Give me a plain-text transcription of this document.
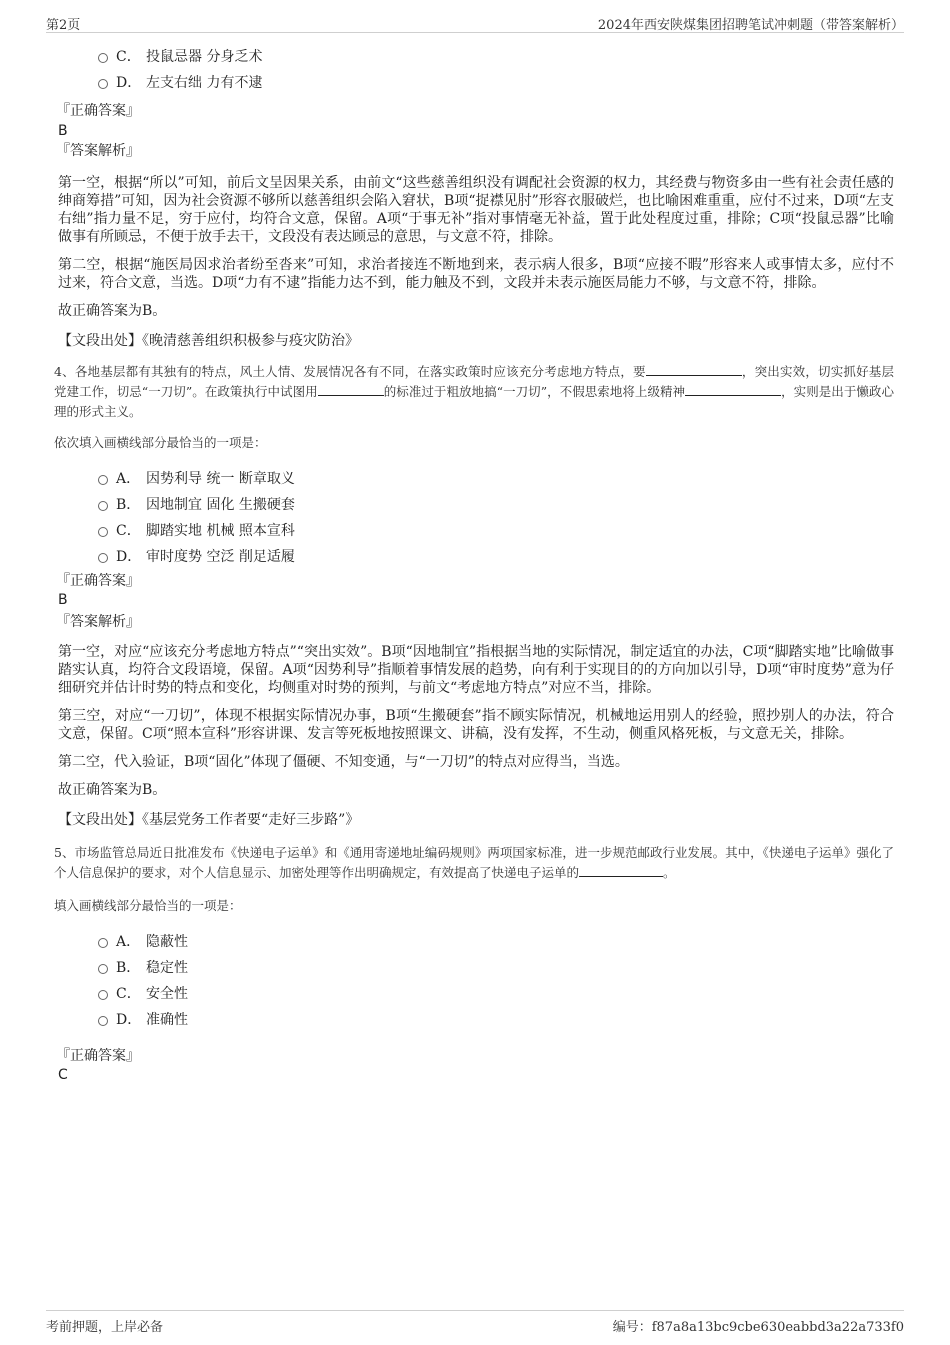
第2页	2024年西安陕煤集团招聘笔试冲刺题（带答案解析）
C． 投鼠忌器 分身乏术
D． 左支右绌 力有不逮
『正确答案』
B
『答案解析』

第一空，根据“所以”可知，前后文呈因果关系，由前文“这些慈善组织没有调配社会资源的权力，其经费与物资多由一些有社会责任感的绅商筹措”可知，因为社会资源不够所以慈善组织会陷入窘状，B项“捉襟见肘”形容衣服破烂，也比喻困难重重，应付不过来，D项“左支右绌”指力量不足，穷于应付，均符合文意，保留。A项“于事无补”指对事情毫无补益，置于此处程度过重，排除；C项“投鼠忌器”比喻做事有所顾忌，不便于放手去干，文段没有表达顾忌的意思，与文意不符，排除。

第二空，根据“施医局因求治者纷至沓来”可知，求治者接连不断地到来，表示病人很多，B项“应接不暇”形容来人或事情太多，应付不过来，符合文意，当选。D项“力有不逮”指能力达不到，能力触及不到，文段并未表示施医局能力不够，与文意不符，排除。

故正确答案为B。

【文段出处】《晚清慈善组织积极参与疫灾防治》
4、各地基层都有其独有的特点，风土人情、发展情况各有不同，在落实政策时应该充分考虑地方特点，要	，突出实效，切实抓好基层党建工作，切忌“一刀切”。在政策执行中试图用	的标准过于粗放地搞“一刀切”，不假思索地将上级精神	，实则是出于懒政心理的形式主义。
依次填入画横线部分最恰当的一项是：
A． 因势利导 统一 断章取义
B． 因地制宜 固化 生搬硬套
C． 脚踏实地 机械 照本宣科
D． 审时度势 空泛 削足适履
『正确答案』
B
『答案解析』

第一空，对应“应该充分考虑地方特点”“突出实效”。B项“因地制宜”指根据当地的实际情况，制定适宜的办法，C项“脚踏实地”比喻做事踏实认真，均符合文段语境，保留。A项“因势利导”指顺着事情发展的趋势，向有利于实现目的的方向加以引导，D项“审时度势”意为仔细研究并估计时势的特点和变化，均侧重对时势的预判，与前文“考虑地方特点”对应不当，排除。

第三空，对应“一刀切”，体现不根据实际情况办事，B项“生搬硬套”指不顾实际情况，机械地运用别人的经验，照抄别人的办法，符合文意，保留。C项“照本宣科”形容讲课、发言等死板地按照课文、讲稿，没有发挥，不生动，侧重风格死板，与文意无关，排除。

第二空，代入验证，B项“固化”体现了僵硬、不知变通，与“一刀切”的特点对应得当，当选。

故正确答案为B。

【文段出处】《基层党务工作者要“走好三步路”》
5、市场监管总局近日批准发布《快递电子运单》和《通用寄递地址编码规则》两项国家标准，进一步规范邮政行业发展。其中，《快递电子运单》强化了个人信息保护的要求，对个人信息显示、加密处理等作出明确规定，有效提高了快递电子运单的	。
填入画横线部分最恰当的一项是：
A． 隐蔽性
B． 稳定性
C． 安全性
D． 准确性
『正确答案』
C
考前押题，上岸必备	编号：f87a8a13bc9cbe630eabbd3a22a733f0
